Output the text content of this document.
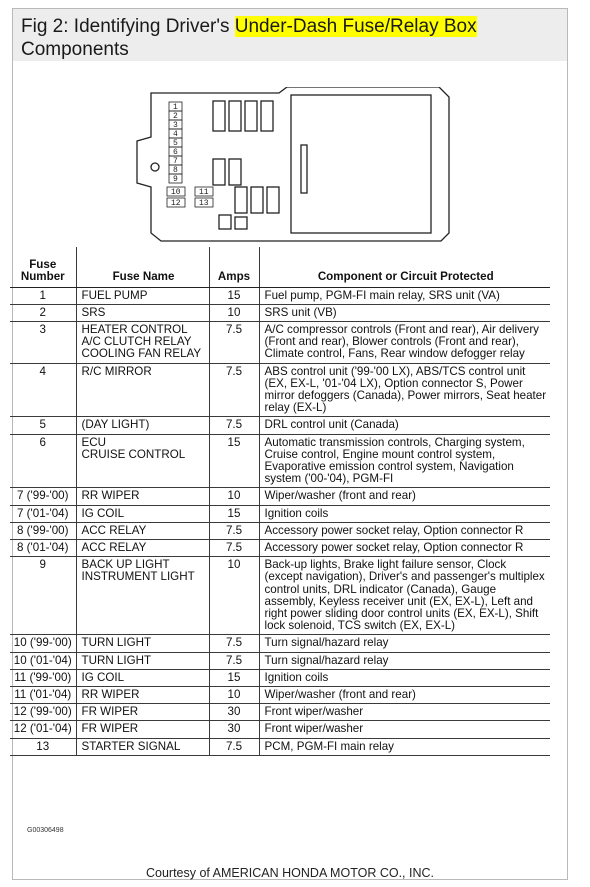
Fig 2: Identifying Driver's Under-Dash Fuse/Relay Box
Components
1
2
3
4
5
6
7
8
9
10 11
12 13
G00306498
Courtesy of AMERICAN HONDA MOTOR CO., INC.
Fuse
Number	Fuse Name	Amps	Component or Circuit Protected
1	FUEL PUMP	15	Fuel pump, PGM-FI main relay, SRS unit (VA)
2	SRS	10	SRS unit (VB)
3	HEATER CONTROL
A/C CLUTCH RELAY
COOLING FAN RELAY	7.5	A/C compressor controls (Front and rear), Air delivery (Front and rear), Blower controls (Front and rear), Climate control, Fans, Rear window defogger relay
4	R/C MIRROR	7.5	ABS control unit ('99-'00 LX), ABS/TCS control unit (EX, EX-L, '01-'04 LX), Option connector S, Power mirror defoggers (Canada), Power mirrors, Seat heater relay (EX-L)
5	(DAY LIGHT)	7.5	DRL control unit (Canada)
6	ECU
CRUISE CONTROL	15	Automatic transmission controls, Charging system, Cruise control, Engine mount control system, Evaporative emission control system, Navigation system ('00-'04), PGM-FI
7 ('99-'00)	RR WIPER	10	Wiper/washer (front and rear)
7 ('01-'04)	IG COIL	15	Ignition coils
8 ('99-'00)	ACC RELAY	7.5	Accessory power socket relay, Option connector R
8 ('01-'04)	ACC RELAY	7.5	Accessory power socket relay, Option connector R
9	BACK UP LIGHT
INSTRUMENT LIGHT	10	Back-up lights, Brake light failure sensor, Clock (except navigation), Driver's and passenger's multiplex control units, DRL indicator (Canada), Gauge assembly, Keyless receiver unit (EX, EX-L), Left and right power sliding door control units (EX, EX-L), Shift lock solenoid, TCS switch (EX, EX-L)
10 ('99-'00)	TURN LIGHT	7.5	Turn signal/hazard relay
10 ('01-'04)	TURN LIGHT	7.5	Turn signal/hazard relay
11 ('99-'00)	IG COIL	15	Ignition coils
11 ('01-'04)	RR WIPER	10	Wiper/washer (front and rear)
12 ('99-'00)	FR WIPER	30	Front wiper/washer
12 ('01-'04)	FR WIPER	30	Front wiper/washer
13	STARTER SIGNAL	7.5	PCM, PGM-FI main relay
